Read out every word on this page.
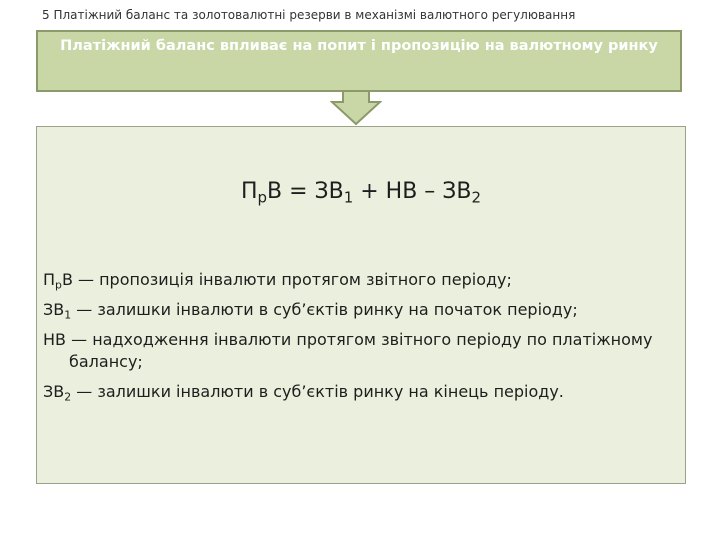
5 Платіжний баланс та золотовалютні резерви в механізмі валютного регулювання
Платіжний баланс впливає на попит і пропозицію на валютному ринку
$П_рВ = ЗВ_1$ + НВ – $ЗВ_2$
$П_рВ$ — пропозиція інвалюти протягом звітного періоду;
$ЗВ_1$ — залишки інвалюти в суб’єктів ринку на початок періоду;
НВ — надходження інвалюти протягом звітного періоду по платіжному балансу;
$ЗВ_2$ — залишки інвалюти в суб’єктів ринку на кінець періоду.
